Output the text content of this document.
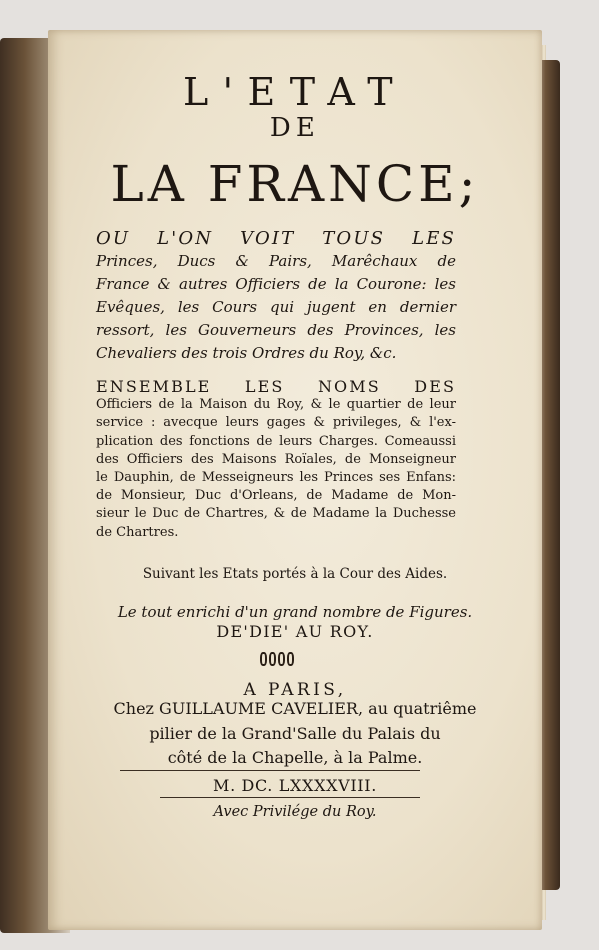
L'ETAT
DE
LA FRANCE;

OU L'ON VOIT TOUS LES

Princes, Ducs & Pairs, Marêchaux de

France & autres Officiers de la Courone: les

Evêques, les Cours qui jugent en dernier

ressort, les Gouverneurs des Provinces, les

Chevaliers des trois Ordres du Roy, &c.

ENSEMBLE LES NOMS DES

Officiers de la Maison du Roy, & le quartier de leur

service : avecque leurs gages & privileges, & l'ex-

plication des fonctions de leurs Charges. Comeaussi

des Officiers des Maisons Roïales, de Monseigneur

le Dauphin, de Messeigneurs les Princes ses Enfans:

de Monsieur, Duc d'Orleans, de Madame de Mon-

sieur le Duc de Chartres, & de Madame la Duchesse

de Chartres.

Suivant les Etats portés à la Cour des Aides.
Le tout enrichi d'un grand nombre de Figures.
DE'DIE' AU ROY.
A PARIS,
Chez GUILLAUME CAVELIER, au quatriême
pilier de la Grand'Salle du Palais du
côté de la Chapelle, à la Palme.
M. DC. LXXXXVIII.
Avec Privilége du Roy.
